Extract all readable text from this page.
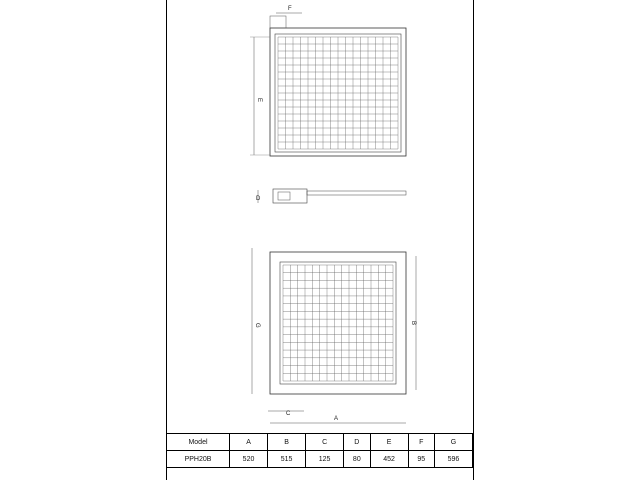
E
F
D
G	B
C
A
Model	A	B	C	D	E	F	G
PPH20B	520	515	125	80	452	95	596
